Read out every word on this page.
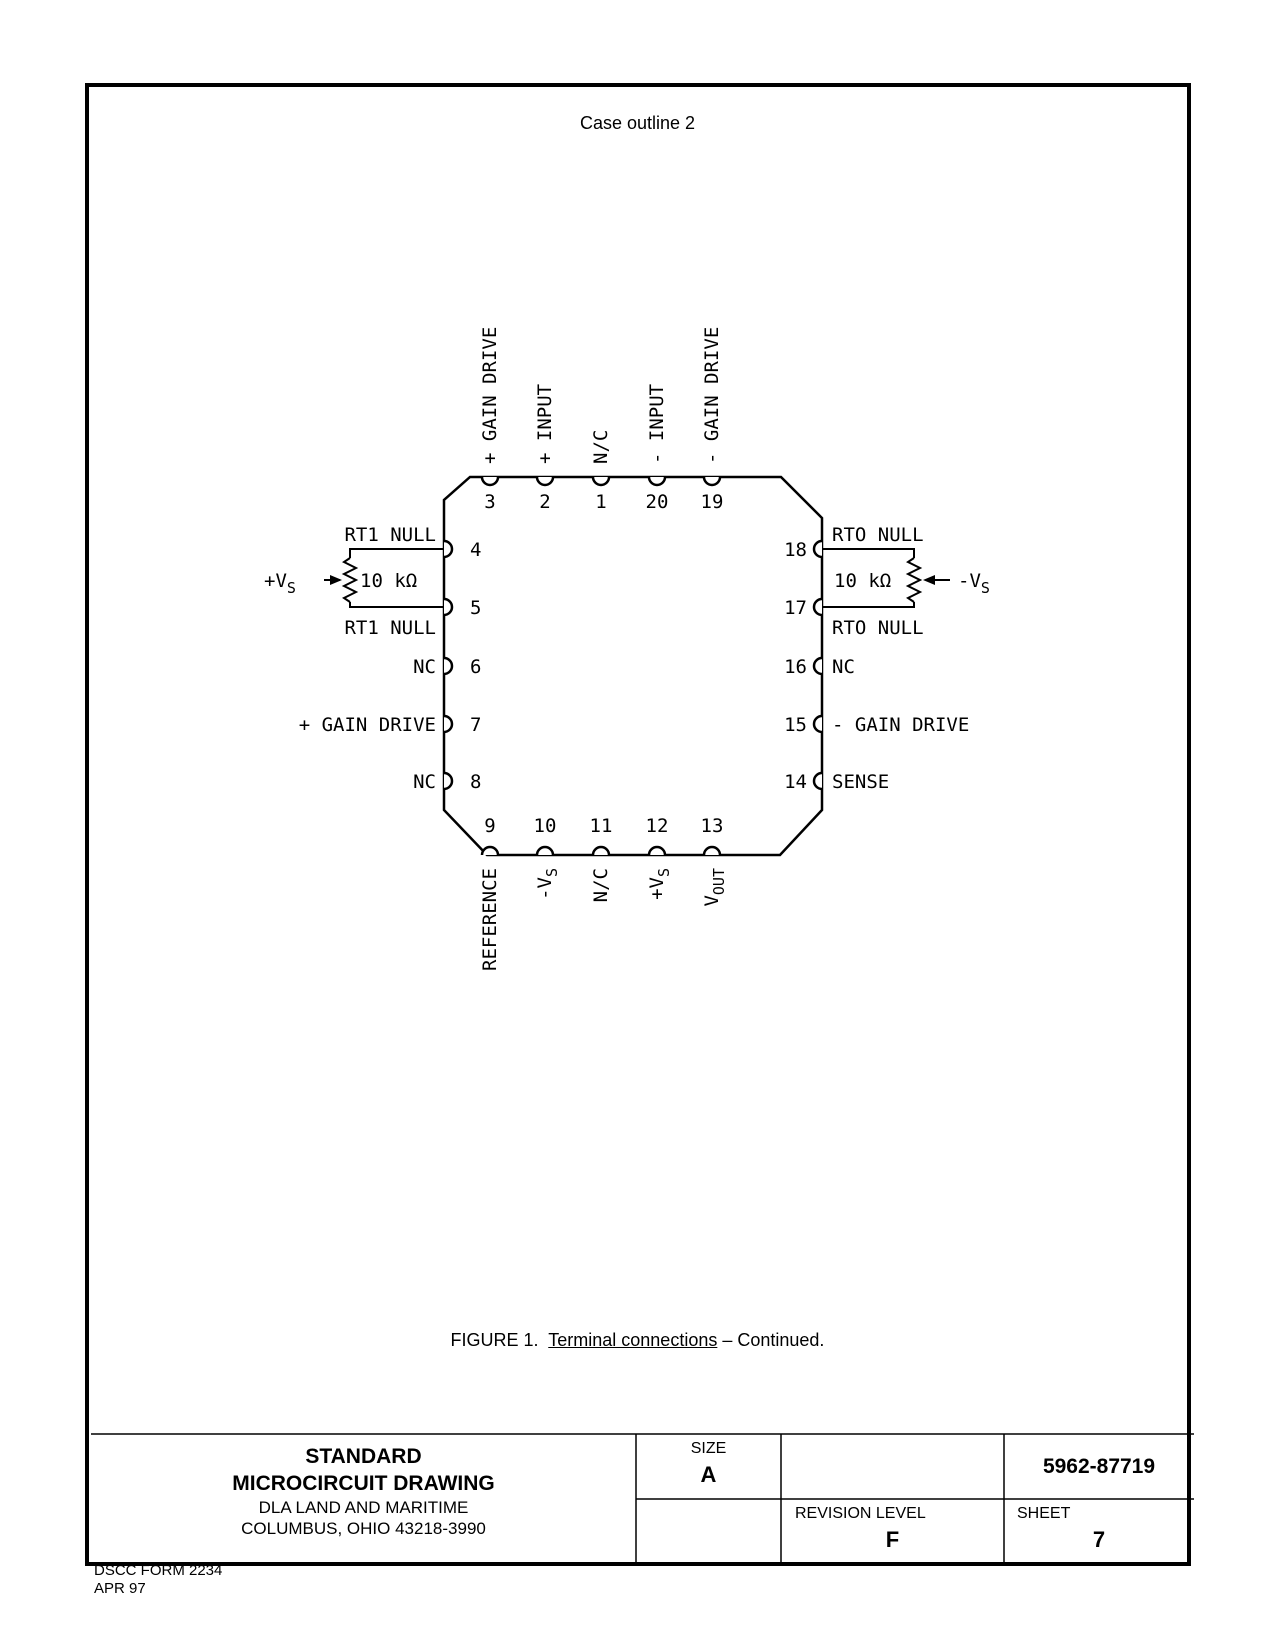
Case outline 2
3
+ GAIN DRIVE
2
+ INPUT
1
N/C
20
- INPUT
19
- GAIN DRIVE
9
REFERENCE
10
$-V_S$
11
N/C
12
$+V_S$
13
$V_{OUT}$
4
RT1 NULL
5
RT1 NULL
6
NC
7
+ GAIN DRIVE
8
NC
18
RTO NULL
17
RTO NULL
16 NC
15 - GAIN DRIVE
14 SENSE
10 kΩ
$+V_S$	10 kΩ	$-V_S$
FIGURE 1. Terminal connections – Continued.
STANDARD
MICROCIRCUIT DRAWING
DLA LAND AND MARITIME
COLUMBUS, OHIO 43218-3990
SIZE
A	5962-87719
REVISION LEVEL
F
SHEET
7
DSCC FORM 2234
APR 97
